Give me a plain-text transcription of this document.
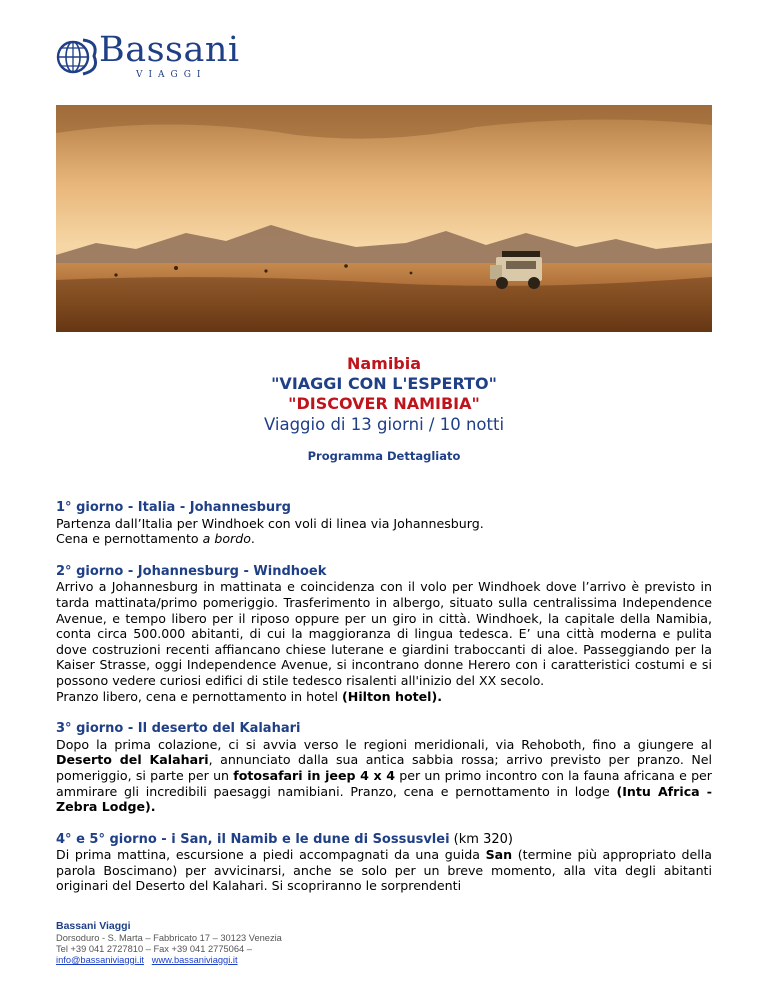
Bassani
VIAGGI
Namibia
"VIAGGI CON L'ESPERTO"
"DISCOVER NAMIBIA"
Viaggio di 13 giorni / 10 notti
Programma Dettagliato
1° giorno - Italia - Johannesburg

Partenza dall’Italia per Windhoek con voli di linea via Johannesburg.
Cena e pernottamento a bordo.

2° giorno - Johannesburg - Windhoek

Arrivo a Johannesburg in mattinata e coincidenza con il volo per Windhoek dove l’arrivo è previsto in tarda mattinata/primo pomeriggio. Trasferimento in albergo, situato sulla centralissima Independence Avenue, e tempo libero per il riposo oppure per un giro in città. Windhoek, la capitale della Namibia, conta circa 500.000 abitanti, di cui la maggioranza di lingua tedesca. E’ una città moderna e pulita dove costruzioni recenti affiancano chiese luterane e giardini traboccanti di aloe. Passeggiando per la Kaiser Strasse, oggi Independence Avenue, si incontrano donne Herero con i caratteristici costumi e si possono vedere curiosi edifici di stile tedesco risalenti all'inizio del XX secolo.

Pranzo libero, cena e pernottamento in hotel (Hilton hotel).

3° giorno - Il deserto del Kalahari

Dopo la prima colazione, ci si avvia verso le regioni meridionali, via Rehoboth, fino a giungere al Deserto del Kalahari, annunciato dalla sua antica sabbia rossa; arrivo previsto per pranzo. Nel pomeriggio, si parte per un fotosafari in jeep 4 x 4 per un primo incontro con la fauna africana e per ammirare gli incredibili paesaggi namibiani. Pranzo, cena e pernottamento in lodge (Intu Africa -Zebra Lodge).

4° e 5° giorno - i San, il Namib e le dune di Sossusvlei (km 320)

Di prima mattina, escursione a piedi accompagnati da una guida San (termine più appropriato della parola Boscimano) per avvicinarsi, anche se solo per un breve momento, alla vita degli abitanti originari del Deserto del Kalahari. Si scopriranno le sorprendenti

Bassani Viaggi
Dorsoduro - S. Marta – Fabbricato 17 – 30123 Venezia
Tel +39 041 2727810 – Fax +39 041 2775064 –
info@bassaniviaggi.it www.bassaniviaggi.it
